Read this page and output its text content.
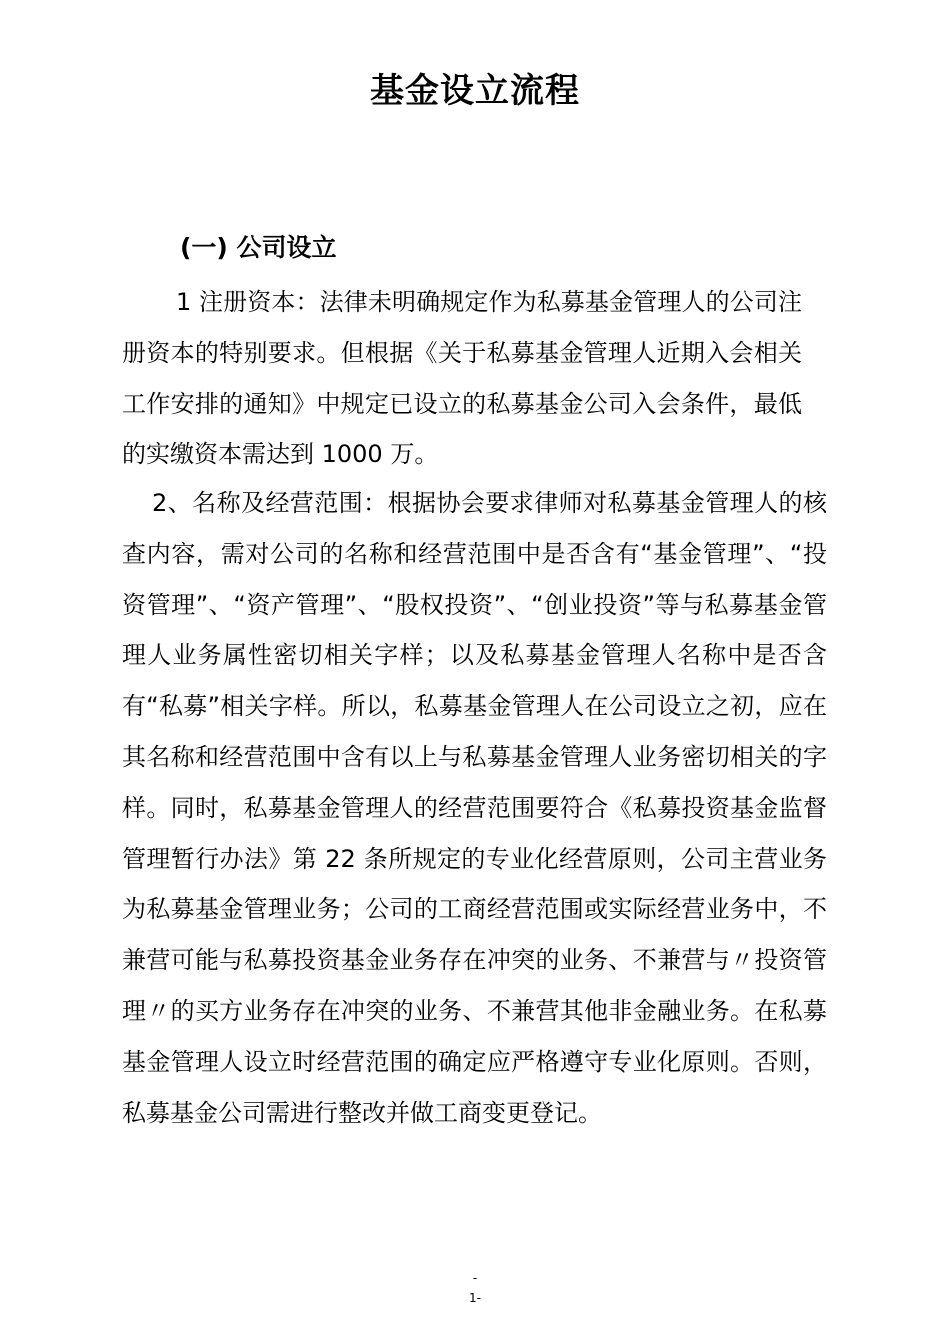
基金设立流程
(一) 公司设立

1 注册资本：法律未明确规定作为私募基金管理人的公司注册资本的特别要求。但根据《关于私募基金管理人近期入会相关工作安排的通知》中规定已设立的私募基金公司入会条件，最低的实缴资本需达到 1000 万。

2、名称及经营范围：根据协会要求律师对私募基金管理人的核查内容，需对公司的名称和经营范围中是否含有“基金管理”、“投资管理”、“资产管理”、“股权投资”、“创业投资”等与私募基金管理人业务属性密切相关字样；以及私募基金管理人名称中是否含有“私募”相关字样。所以，私募基金管理人在公司设立之初，应在其名称和经营范围中含有以上与私募基金管理人业务密切相关的字样。同时，私募基金管理人的经营范围要符合《私募投资基金监督管理暂行办法》第 22 条所规定的专业化经营原则，公司主营业务为私募基金管理业务；公司的工商经营范围或实际经营业务中，不兼营可能与私募投资基金业务存在冲突的业务、不兼营与〃投资管理〃的买方业务存在冲突的业务、不兼营其他非金融业务。在私募基金管理人设立时经营范围的确定应严格遵守专业化原则。否则，私募基金公司需进行整改并做工商变更登记。

-
1-
